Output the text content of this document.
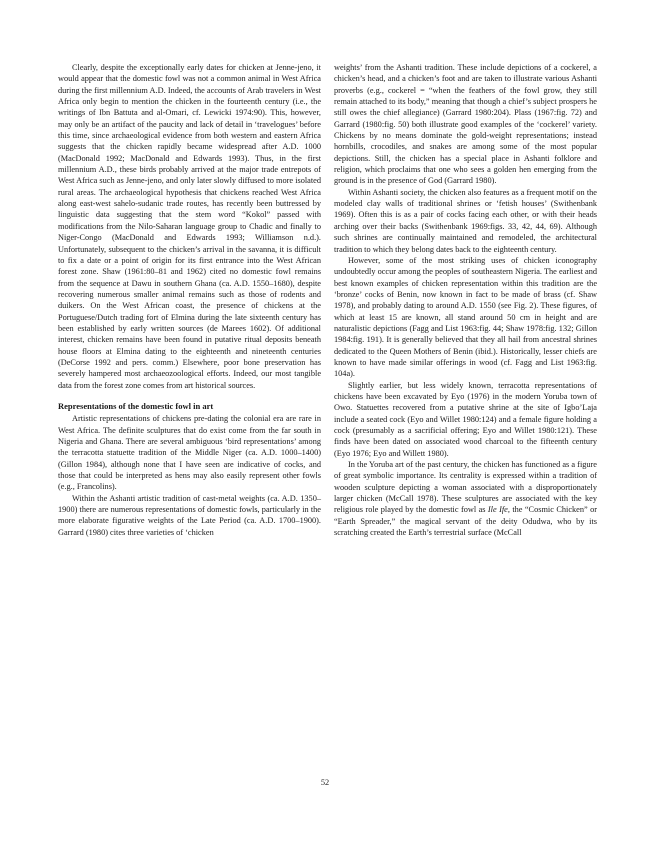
Clearly, despite the exceptionally early dates for chicken at Jenne-jeno, it would appear that the domestic fowl was not a common animal in West Africa during the first millennium A.D. Indeed, the accounts of Arab travelers in West Africa only begin to mention the chicken in the fourteenth century (i.e., the writings of Ibn Battuta and al-Omari, cf. Lewicki 1974:90). This, however, may only be an artifact of the paucity and lack of detail in ‘travelogues’ before this time, since archaeological evidence from both western and eastern Africa suggests that the chicken rapidly became widespread after A.D. 1000 (MacDonald 1992; MacDonald and Edwards 1993). Thus, in the first millennium A.D., these birds probably arrived at the major trade entrepots of West Africa such as Jenne-jeno, and only later slowly diffused to more isolated rural areas. The archaeological hypothesis that chickens reached West Africa along east-west sahelo-sudanic trade routes, has recently been buttressed by linguistic data suggesting that the stem word “Kokol” passed with modifications from the Nilo-Saharan language group to Chadic and finally to Niger-Congo (MacDonald and Edwards 1993; Williamson n.d.). Unfortunately, subsequent to the chicken’s arrival in the savanna, it is difficult to fix a date or a point of origin for its first entrance into the West African forest zone. Shaw (1961:80–81 and 1962) cited no domestic fowl remains from the sequence at Dawu in southern Ghana (ca. A.D. 1550–1680), despite recovering numerous smaller animal remains such as those of rodents and duikers. On the West African coast, the presence of chickens at the Portuguese/Dutch trading fort of Elmina during the late sixteenth century has been established by early written sources (de Marees 1602). Of additional interest, chicken remains have been found in putative ritual deposits beneath house floors at Elmina dating to the eighteenth and nineteenth centuries (DeCorse 1992 and pers. comm.) Elsewhere, poor bone preservation has severely hampered most archaeozoological efforts. Indeed, our most tangible data from the forest zone comes from art historical sources.

Representations of the domestic fowl in art

Artistic representations of chickens pre-dating the colonial era are rare in West Africa. The definite sculptures that do exist come from the far south in Nigeria and Ghana. There are several ambiguous ‘bird representations’ among the terracotta statuette tradition of the Middle Niger (ca. A.D. 1000–1400) (Gillon 1984), although none that I have seen are indicative of cocks, and those that could be interpreted as hens may also easily represent other fowls (e.g., Francolins).

Within the Ashanti artistic tradition of cast-metal weights (ca. A.D. 1350–1900) there are numerous representations of domestic fowls, particularly in the more elaborate figurative weights of the Late Period (ca. A.D. 1700–1900). Garrard (1980) cites three varieties of ‘chicken

weights’ from the Ashanti tradition. These include depictions of a cockerel, a chicken’s head, and a chicken’s foot and are taken to illustrate various Ashanti proverbs (e.g., cockerel = “when the feathers of the fowl grow, they still remain attached to its body,” meaning that though a chief’s subject prospers he still owes the chief allegiance) (Garrard 1980:204). Plass (1967:fig. 72) and Garrard (1980:fig. 50) both illustrate good examples of the ‘cockerel’ variety. Chickens by no means dominate the gold-weight representations; instead hornbills, crocodiles, and snakes are among some of the most popular depictions. Still, the chicken has a special place in Ashanti folklore and religion, which proclaims that one who sees a golden hen emerging from the ground is in the presence of God (Garrard 1980).

Within Ashanti society, the chicken also features as a frequent motif on the modeled clay walls of traditional shrines or ‘fetish houses’ (Swithenbank 1969). Often this is as a pair of cocks facing each other, or with their heads arching over their backs (Swithenbank 1969:figs. 33, 42, 44, 69). Although such shrines are continually maintained and remodeled, the architectural tradition to which they belong dates back to the eighteenth century.

However, some of the most striking uses of chicken iconography undoubtedly occur among the peoples of southeastern Nigeria. The earliest and best known examples of chicken representation within this tradition are the ‘bronze’ cocks of Benin, now known in fact to be made of brass (cf. Shaw 1978), and probably dating to around A.D. 1550 (see Fig. 2). These figures, of which at least 15 are known, all stand around 50 cm in height and are naturalistic depictions (Fagg and List 1963:fig. 44; Shaw 1978:fig. 132; Gillon 1984:fig. 191). It is generally believed that they all hail from ancestral shrines dedicated to the Queen Mothers of Benin (ibid.). Historically, lesser chiefs are known to have made similar offerings in wood (cf. Fagg and List 1963:fig. 104a).

Slightly earlier, but less widely known, terracotta representations of chickens have been excavated by Eyo (1976) in the modern Yoruba town of Owo. Statuettes recovered from a putative shrine at the site of Igbo’Laja include a seated cock (Eyo and Willet 1980:124) and a female figure holding a cock (presumably as a sacrificial offering; Eyo and Willet 1980:121). These finds have been dated on associated wood charcoal to the fifteenth century (Eyo 1976; Eyo and Willett 1980).

In the Yoruba art of the past century, the chicken has functioned as a figure of great symbolic importance. Its centrality is expressed within a tradition of wooden sculpture depicting a woman associated with a disproportionately larger chicken (McCall 1978). These sculptures are associated with the key religious role played by the domestic fowl as Ile Ife, the “Cosmic Chicken” or “Earth Spreader,” the magical servant of the deity Odudwa, who by its scratching created the Earth’s terrestrial surface (McCall

52
